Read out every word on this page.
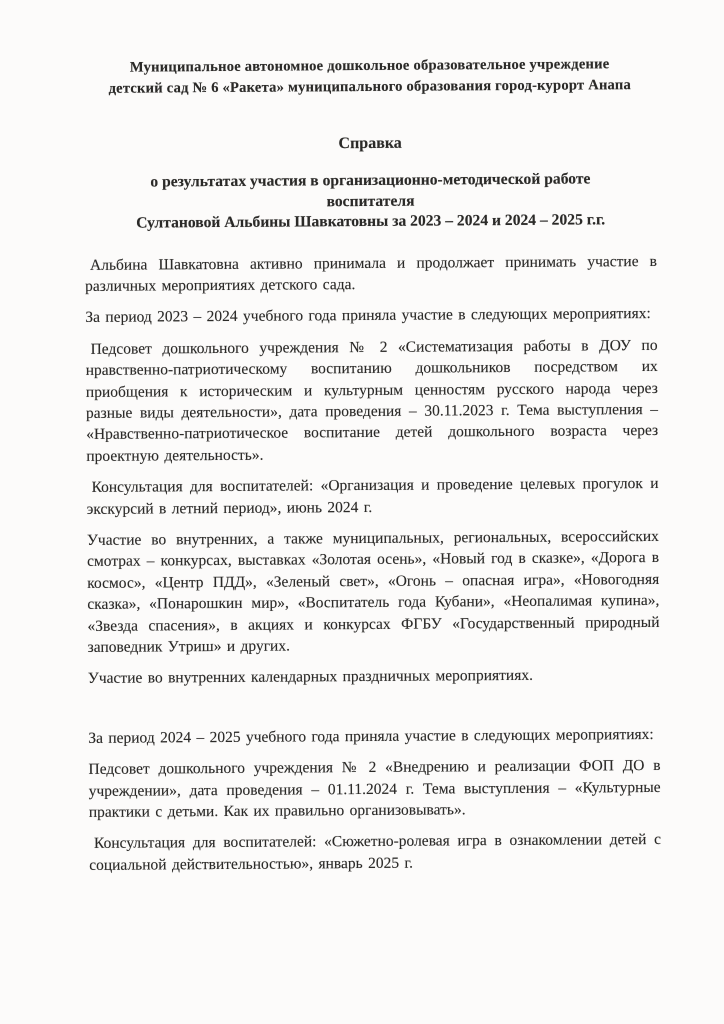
Муниципальное автономное дошкольное образовательное учреждение
детский сад № 6 «Ракета» муниципального образования город-курорт Анапа
Справка
о результатах участия в организационно-методической работе
воспитателя
Султановой Альбины Шавкатовны за 2023 – 2024 и 2024 – 2025 г.г.

Альбина Шавкатовна активно принимала и продолжает принимать участие в различных мероприятиях детского сада.

За период 2023 – 2024 учебного года приняла участие в следующих мероприятиях:

Педсовет дошкольного учреждения № 2 «Систематизация работы в ДОУ по нравственно-патриотическому воспитанию дошкольников посредством их приобщения к историческим и культурным ценностям русского народа через разные виды деятельности», дата проведения – 30.11.2023 г. Тема выступления – «Нравственно-патриотическое воспитание детей дошкольного возраста через проектную деятельность».

Консультация для воспитателей: «Организация и проведение целевых прогулок и экскурсий в летний период», июнь 2024 г.

Участие во внутренних, а также муниципальных, региональных, всероссийских смотрах – конкурсах, выставках «Золотая осень», «Новый год в сказке», «Дорога в космос», «Центр ПДД», «Зеленый свет», «Огонь – опасная игра», «Новогодняя сказка», «Понарошкин мир», «Воспитатель года Кубани», «Неопалимая купина», «Звезда спасения», в акциях и конкурсах ФГБУ «Государственный природный заповедник Утриш» и других.

Участие во внутренних календарных праздничных мероприятиях.

За период 2024 – 2025 учебного года приняла участие в следующих мероприятиях:

Педсовет дошкольного учреждения № 2 «Внедрению и реализации ФОП ДО в учреждении», дата проведения – 01.11.2024 г. Тема выступления – «Культурные практики с детьми. Как их правильно организовывать».

Консультация для воспитателей: «Сюжетно-ролевая игра в ознакомлении детей с социальной действительностью», январь 2025 г.
